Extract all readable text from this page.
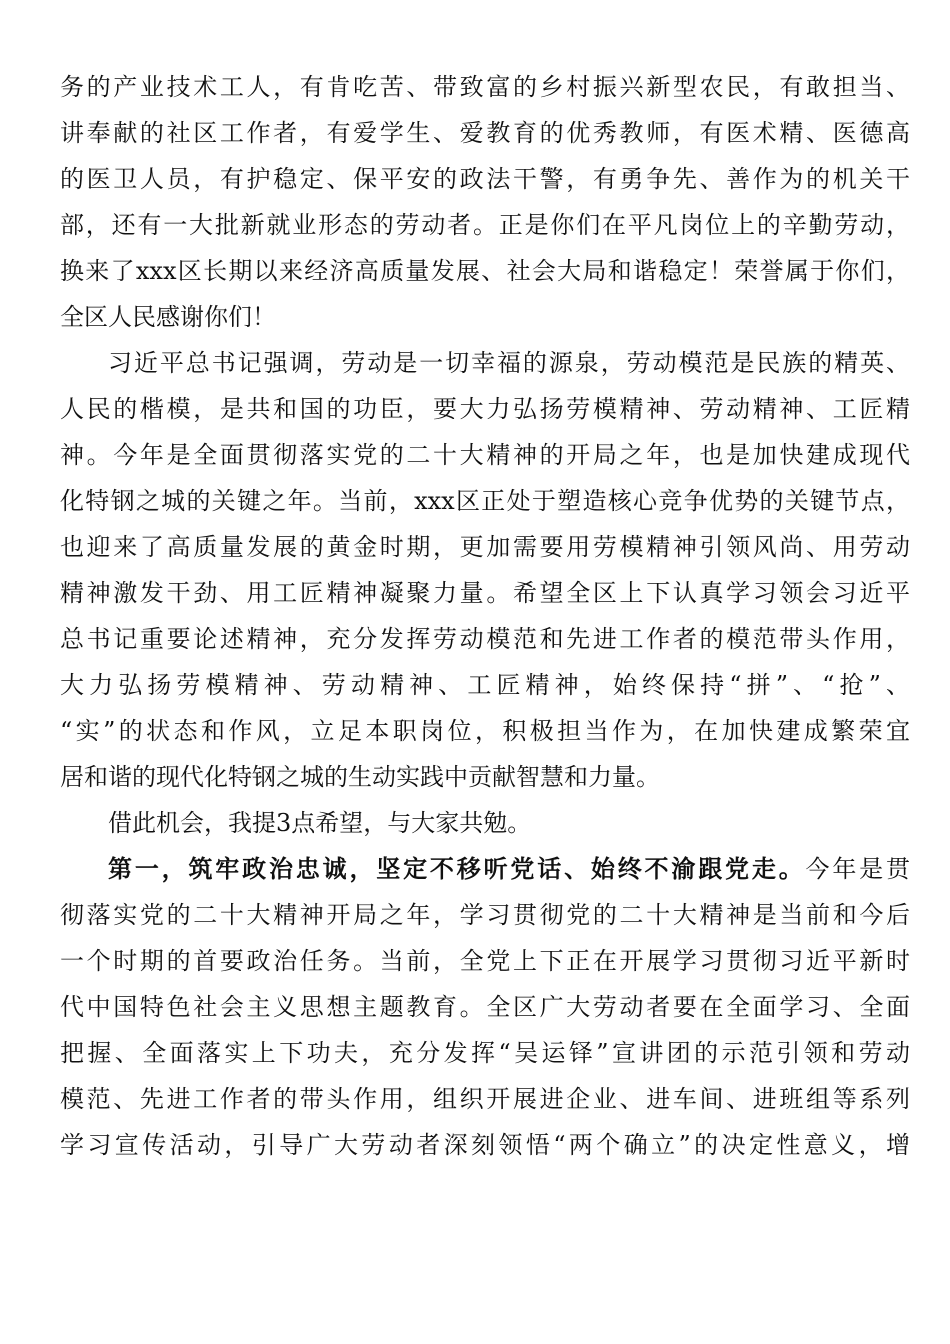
务的产业技术工人，有肯吃苦、带致富的乡村振兴新型农民，有敢担当、
讲奉献的社区工作者，有爱学生、爱教育的优秀教师，有医术精、医德高
的医卫人员，有护稳定、保平安的政法干警，有勇争先、善作为的机关干
部，还有一大批新就业形态的劳动者。正是你们在平凡岗位上的辛勤劳动，
换来了xxx区长期以来经济高质量发展、社会大局和谐稳定！荣誉属于你们，
全区人民感谢你们！
习近平总书记强调，劳动是一切幸福的源泉，劳动模范是民族的精英、
人民的楷模，是共和国的功臣，要大力弘扬劳模精神、劳动精神、工匠精
神。今年是全面贯彻落实党的二十大精神的开局之年，也是加快建成现代
化特钢之城的关键之年。当前，xxx区正处于塑造核心竞争优势的关键节点，
也迎来了高质量发展的黄金时期，更加需要用劳模精神引领风尚、用劳动
精神激发干劲、用工匠精神凝聚力量。希望全区上下认真学习领会习近平
总书记重要论述精神，充分发挥劳动模范和先进工作者的模范带头作用，
大力弘扬劳模精神、劳动精神、工匠精神，始终保持“拼”、“抢”、
“实”的状态和作风，立足本职岗位，积极担当作为，在加快建成繁荣宜
居和谐的现代化特钢之城的生动实践中贡献智慧和力量。
借此机会，我提3点希望，与大家共勉。
第一，筑牢政治忠诚，坚定不移听党话、始终不渝跟党走。今年是贯
彻落实党的二十大精神开局之年，学习贯彻党的二十大精神是当前和今后
一个时期的首要政治任务。当前，全党上下正在开展学习贯彻习近平新时
代中国特色社会主义思想主题教育。全区广大劳动者要在全面学习、全面
把握、全面落实上下功夫，充分发挥“吴运铎”宣讲团的示范引领和劳动
模范、先进工作者的带头作用，组织开展进企业、进车间、进班组等系列
学习宣传活动，引导广大劳动者深刻领悟“两个确立”的决定性意义，增
